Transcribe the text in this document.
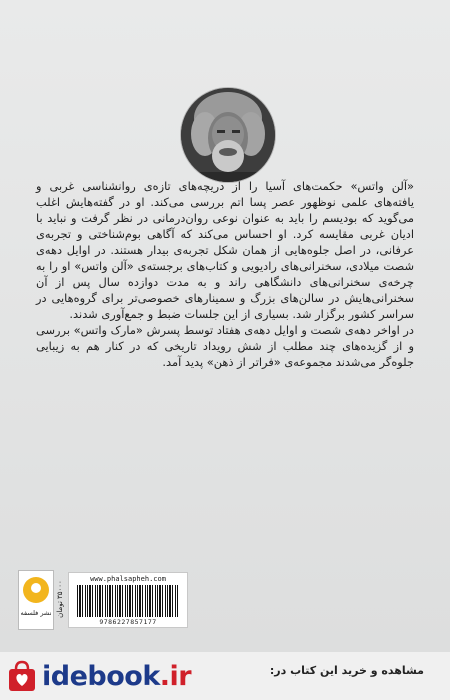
«آلن واتس» حکمت‌های آسیا را از دریچه‌های تازه‌ی روانشناسی غربی و یافته‌های علمی نوظهور عصر پسا اتم بررسی می‌کند. او در گفته‌هایش اغلب می‌گوید که بودیسم را باید به عنوان نوعی روان‌درمانی در نظر گرفت و نباید با ادیان غربی مقایسه کرد. او احساس می‌کند که آگاهی بوم‌شناختی و تجربه‌ی عرفانی، در اصل جلوه‌هایی از همان شکل تجربه‌ی بیدار هستند. در اوایل دهه‌ی شصت میلادی، سخنرانی‌های رادیویی و کتاب‌های برجسته‌ی «آلن واتس» او را به چرخه‌ی سخنرانی‌های دانشگاهی راند و به مدت دوازده سال پس از آن سخنرانی‌هایش در سالن‌های بزرگ و سمینارهای خصوصی‌تر برای گروه‌هایی در سراسر کشور برگزار شد. بسیاری از این جلسات ضبط و جمع‌آوری شدند.

در اواخر دهه‌ی شصت و اوایل دهه‌ی هفتاد توسط پسرش «مارک واتس» بررسی و از گزیده‌های چند مطلب از شش رویداد تاریخی که در کنار هم به زیبایی جلوه‌گر می‌شدند مجموعه‌ی «فراتر از ذهن» پدید آمد.

نشر فلسفه ۳۵۰۰۰ تومان
www.phalsapheh.com
9786227857177
idebook.ir	مشاهده و خرید این کتاب در:
